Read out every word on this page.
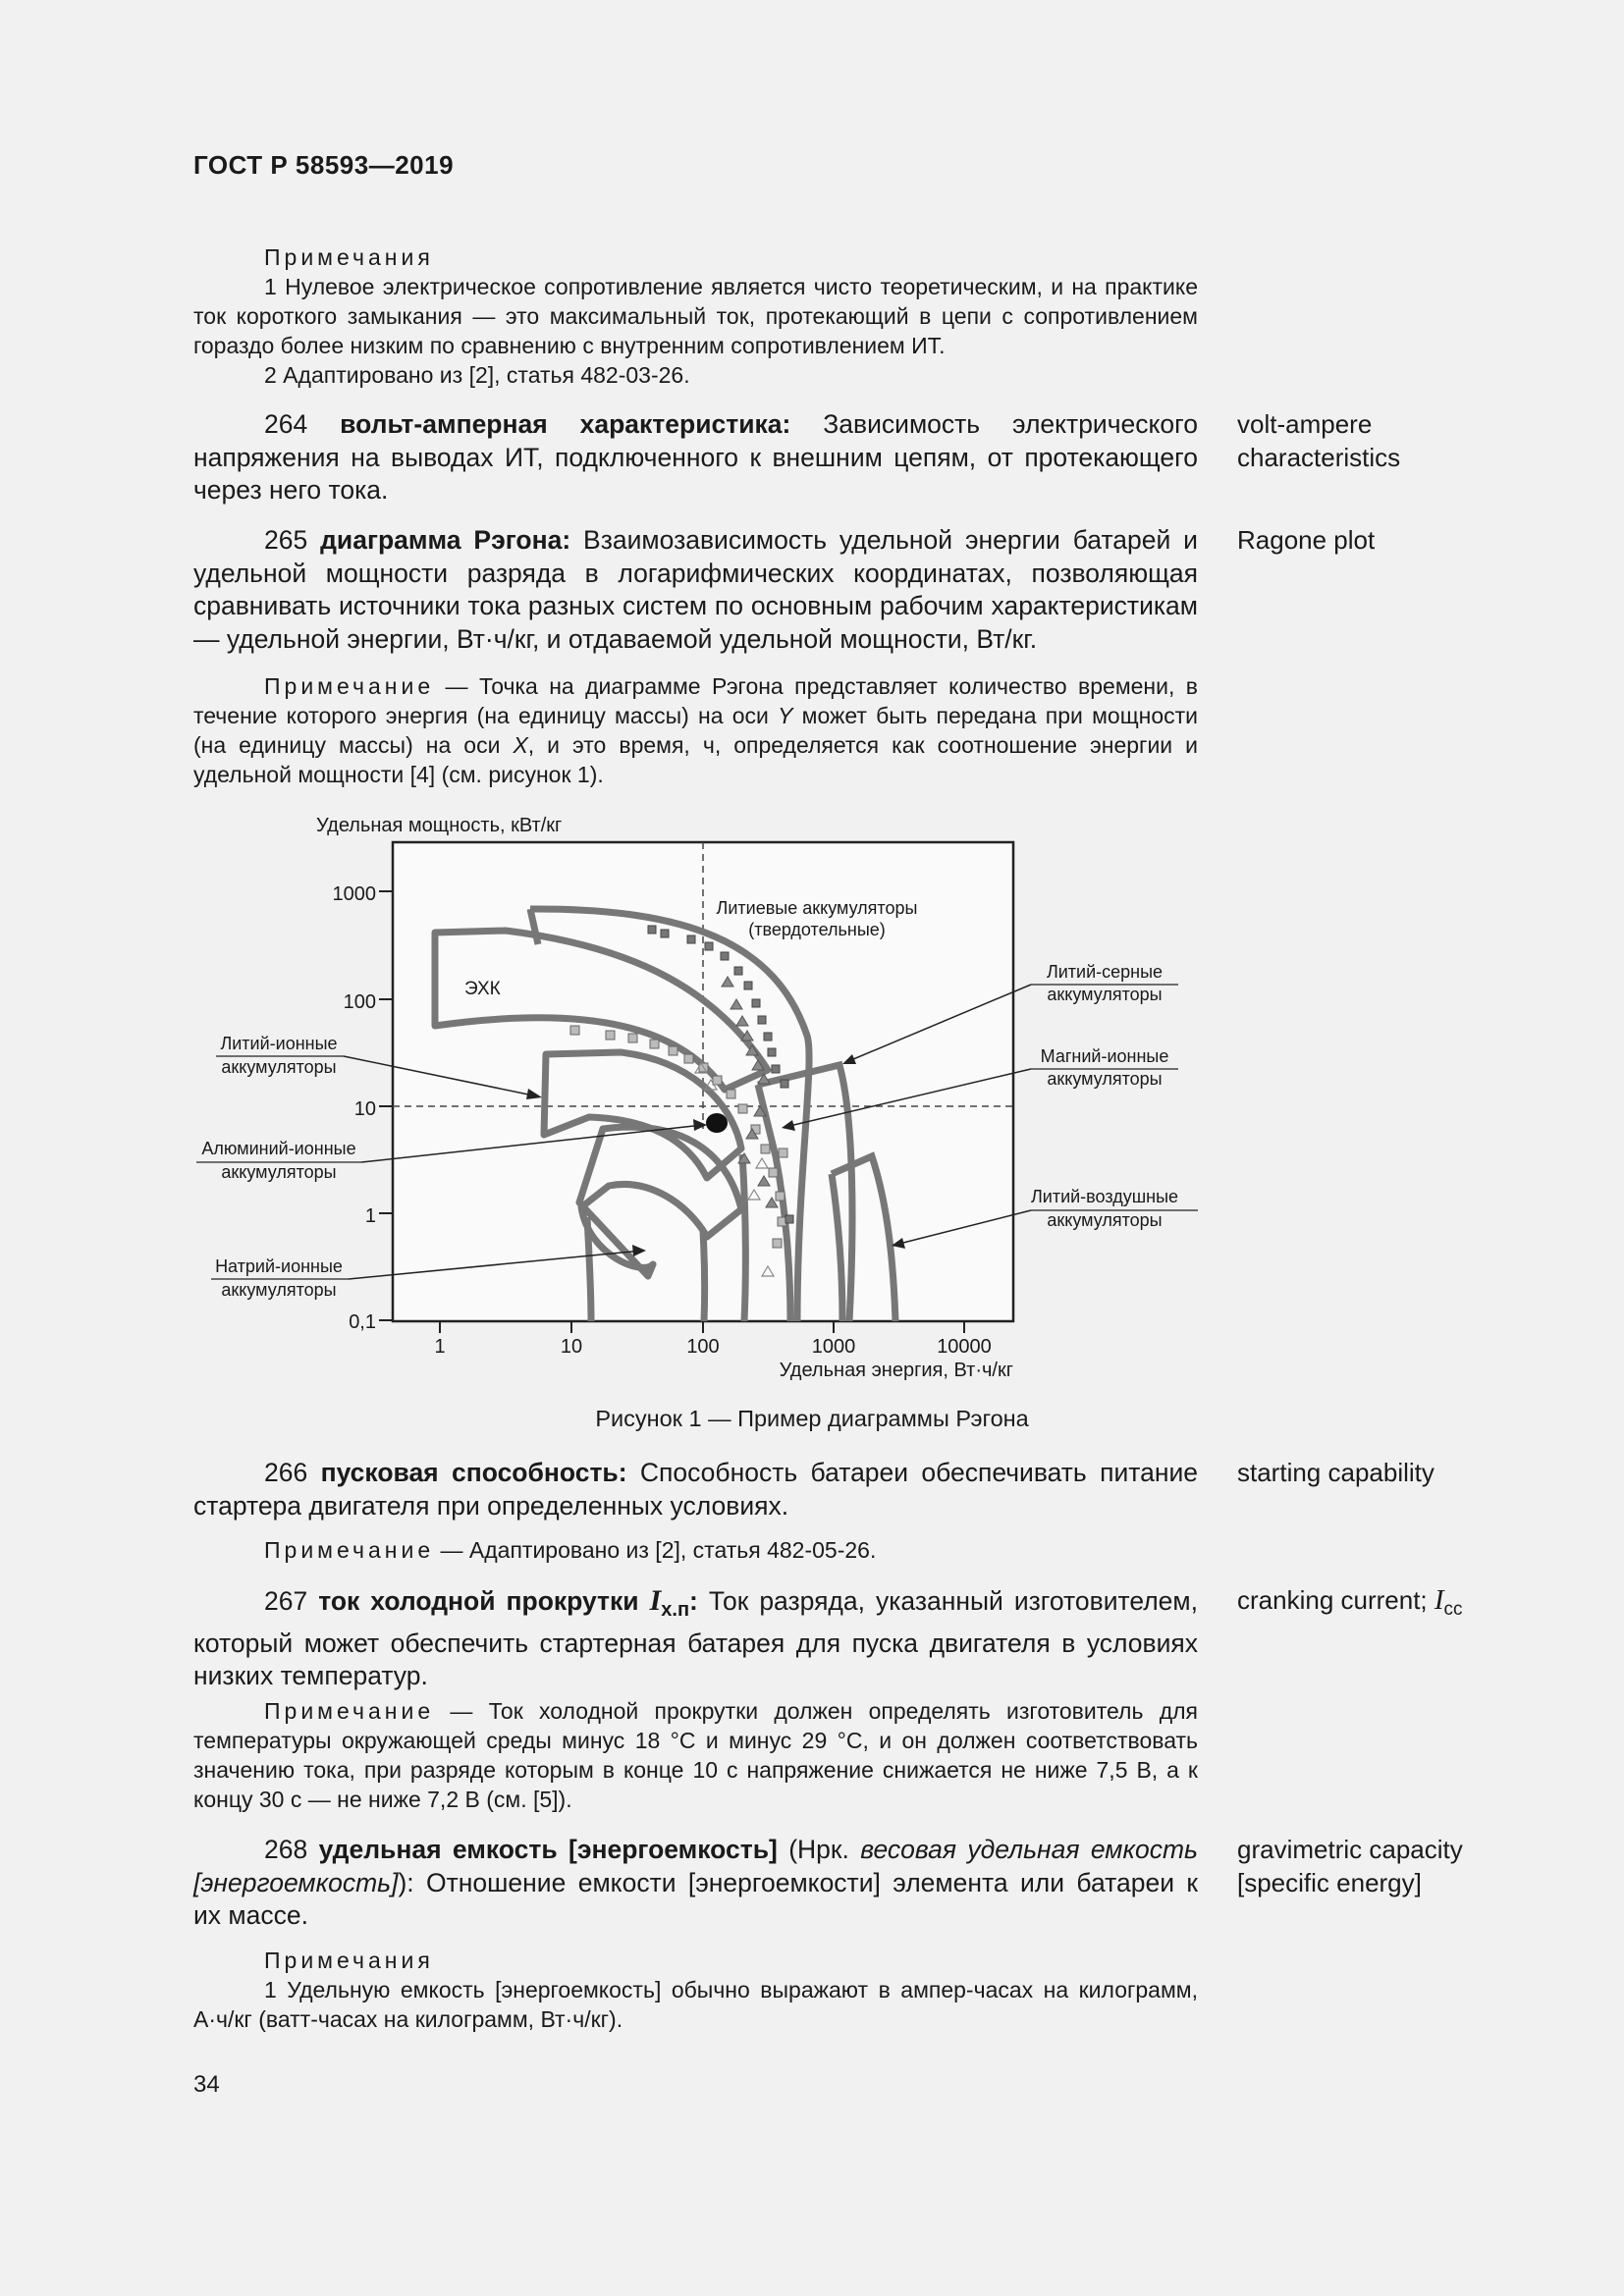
ГОСТ Р 58593—2019

Примечания

1 Нулевое электрическое сопротивление является чисто теоретическим, и на практике ток короткого замыкания — это максимальный ток, протекающий в цепи с сопротивлением гораздо более низким по сравнению с внутренним сопротивлением ИТ.

2 Адаптировано из [2], статья 482-03-26.

264 вольт-амперная характеристика: Зависимость электрического напряжения на выводах ИТ, подключенного к внешним цепям, от протекающего через него тока.

volt-ampere
characteristics

265 диаграмма Рэгона: Взаимозависимость удельной энергии батарей и удельной мощности разряда в логарифмических координатах, позволяющая сравнивать источники тока разных систем по основным рабочим характеристикам — удельной энергии, Вт·ч/кг, и отдаваемой удельной мощности, Вт/кг.

Ragone plot

Примечание — Точка на диаграмме Рэгона представляет количество времени, в течение которого энергия (на единицу массы) на оси Y может быть передана при мощности (на единицу массы) на оси X, и это время, ч, определяется как соотношение энергии и удельной мощности [4] (см. рисунок 1).

1000
100
10
1
0,1
1	10	100	1000	10000
Удельная мощность, кВт/кг
Удельная энергия, Вт·ч/кг
ЭХК
Литиевые аккумуляторы
(твердотельные)
Литий-ионные
аккумуляторы
Алюминий-ионные
аккумуляторы
Натрий-ионные
аккумуляторы
Литий-серные
аккумуляторы
Магний-ионные
аккумуляторы
Литий-воздушные
аккумуляторы
Рисунок 1 — Пример диаграммы Рэгона

266 пусковая способность: Способность батареи обеспечивать питание стартера двигателя при определенных условиях.

starting capability

Примечание — Адаптировано из [2], статья 482-05-26.

267 ток холодной прокрутки $I_{х.п}$: Ток разряда, указанный изготовителем, который может обеспечить стартерная батарея для пуска двигателя в условиях низких температур.

cranking current; $I_{cc}$

Примечание — Ток холодной прокрутки должен определять изготовитель для температуры окружающей среды минус 18 °С и минус 29 °С, и он должен соответствовать значению тока, при разряде которым в конце 10 с напряжение снижается не ниже 7,5 В, а к концу 30 с — не ниже 7,2 В (см. [5]).

268 удельная емкость [энергоемкость] (Нрк. весовая удельная емкость [энергоемкость]): Отношение емкости [энергоемкости] элемента или батареи к их массе.

gravimetric capacity
[specific energy]

Примечания

1 Удельную емкость [энергоемкость] обычно выражают в ампер-часах на килограмм, А·ч/кг (ватт-часах на килограмм, Вт·ч/кг).

34
